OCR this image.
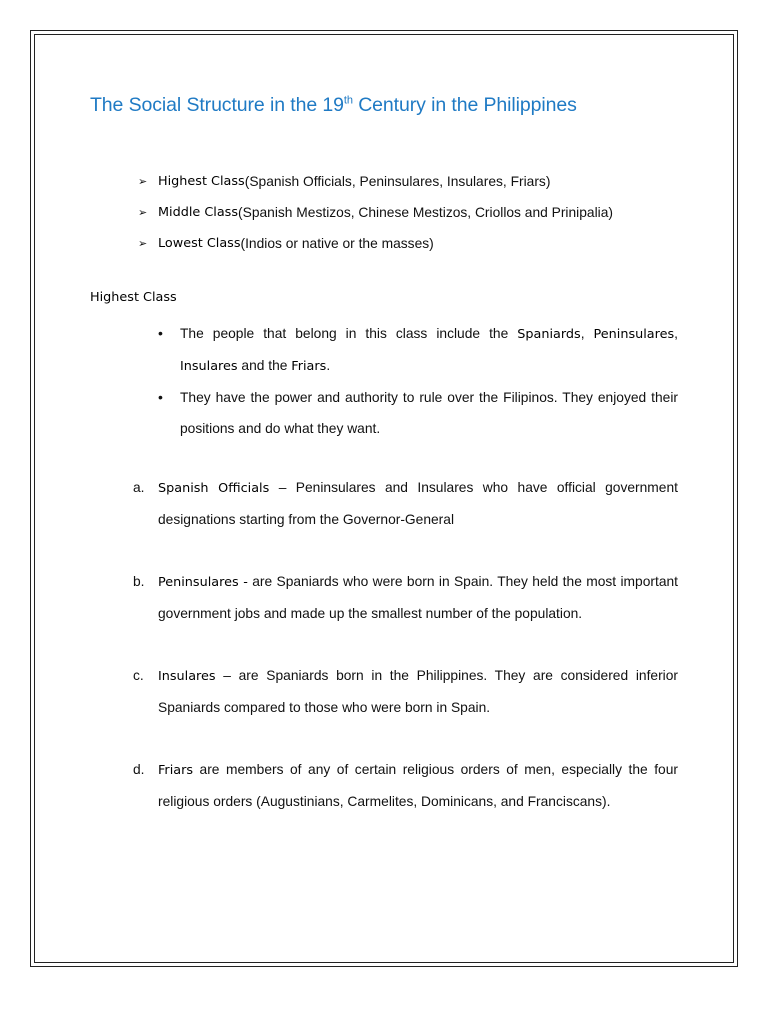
The Social Structure in the 19th Century in the Philippines
➢ Highest Class (Spanish Officials, Peninsulares, Insulares, Friars)
➢ Middle Class (Spanish Mestizos, Chinese Mestizos, Criollos and Prinipalia)
➢ Lowest Class (Indios or native or the masses)
Highest Class
• The people that belong in this class include the Spaniards, Peninsulares, Insulares and the Friars.
• They have the power and authority to rule over the Filipinos. They enjoyed their positions and do what they want.
a. Spanish Officials – Peninsulares and Insulares who have official government designations starting from the Governor-General
b. Peninsulares - are Spaniards who were born in Spain. They held the most important government jobs and made up the smallest number of the population.
c. Insulares – are Spaniards born in the Philippines. They are considered inferior Spaniards compared to those who were born in Spain.
d. Friars are members of any of certain religious orders of men, especially the four religious orders (Augustinians, Carmelites, Dominicans, and Franciscans).
